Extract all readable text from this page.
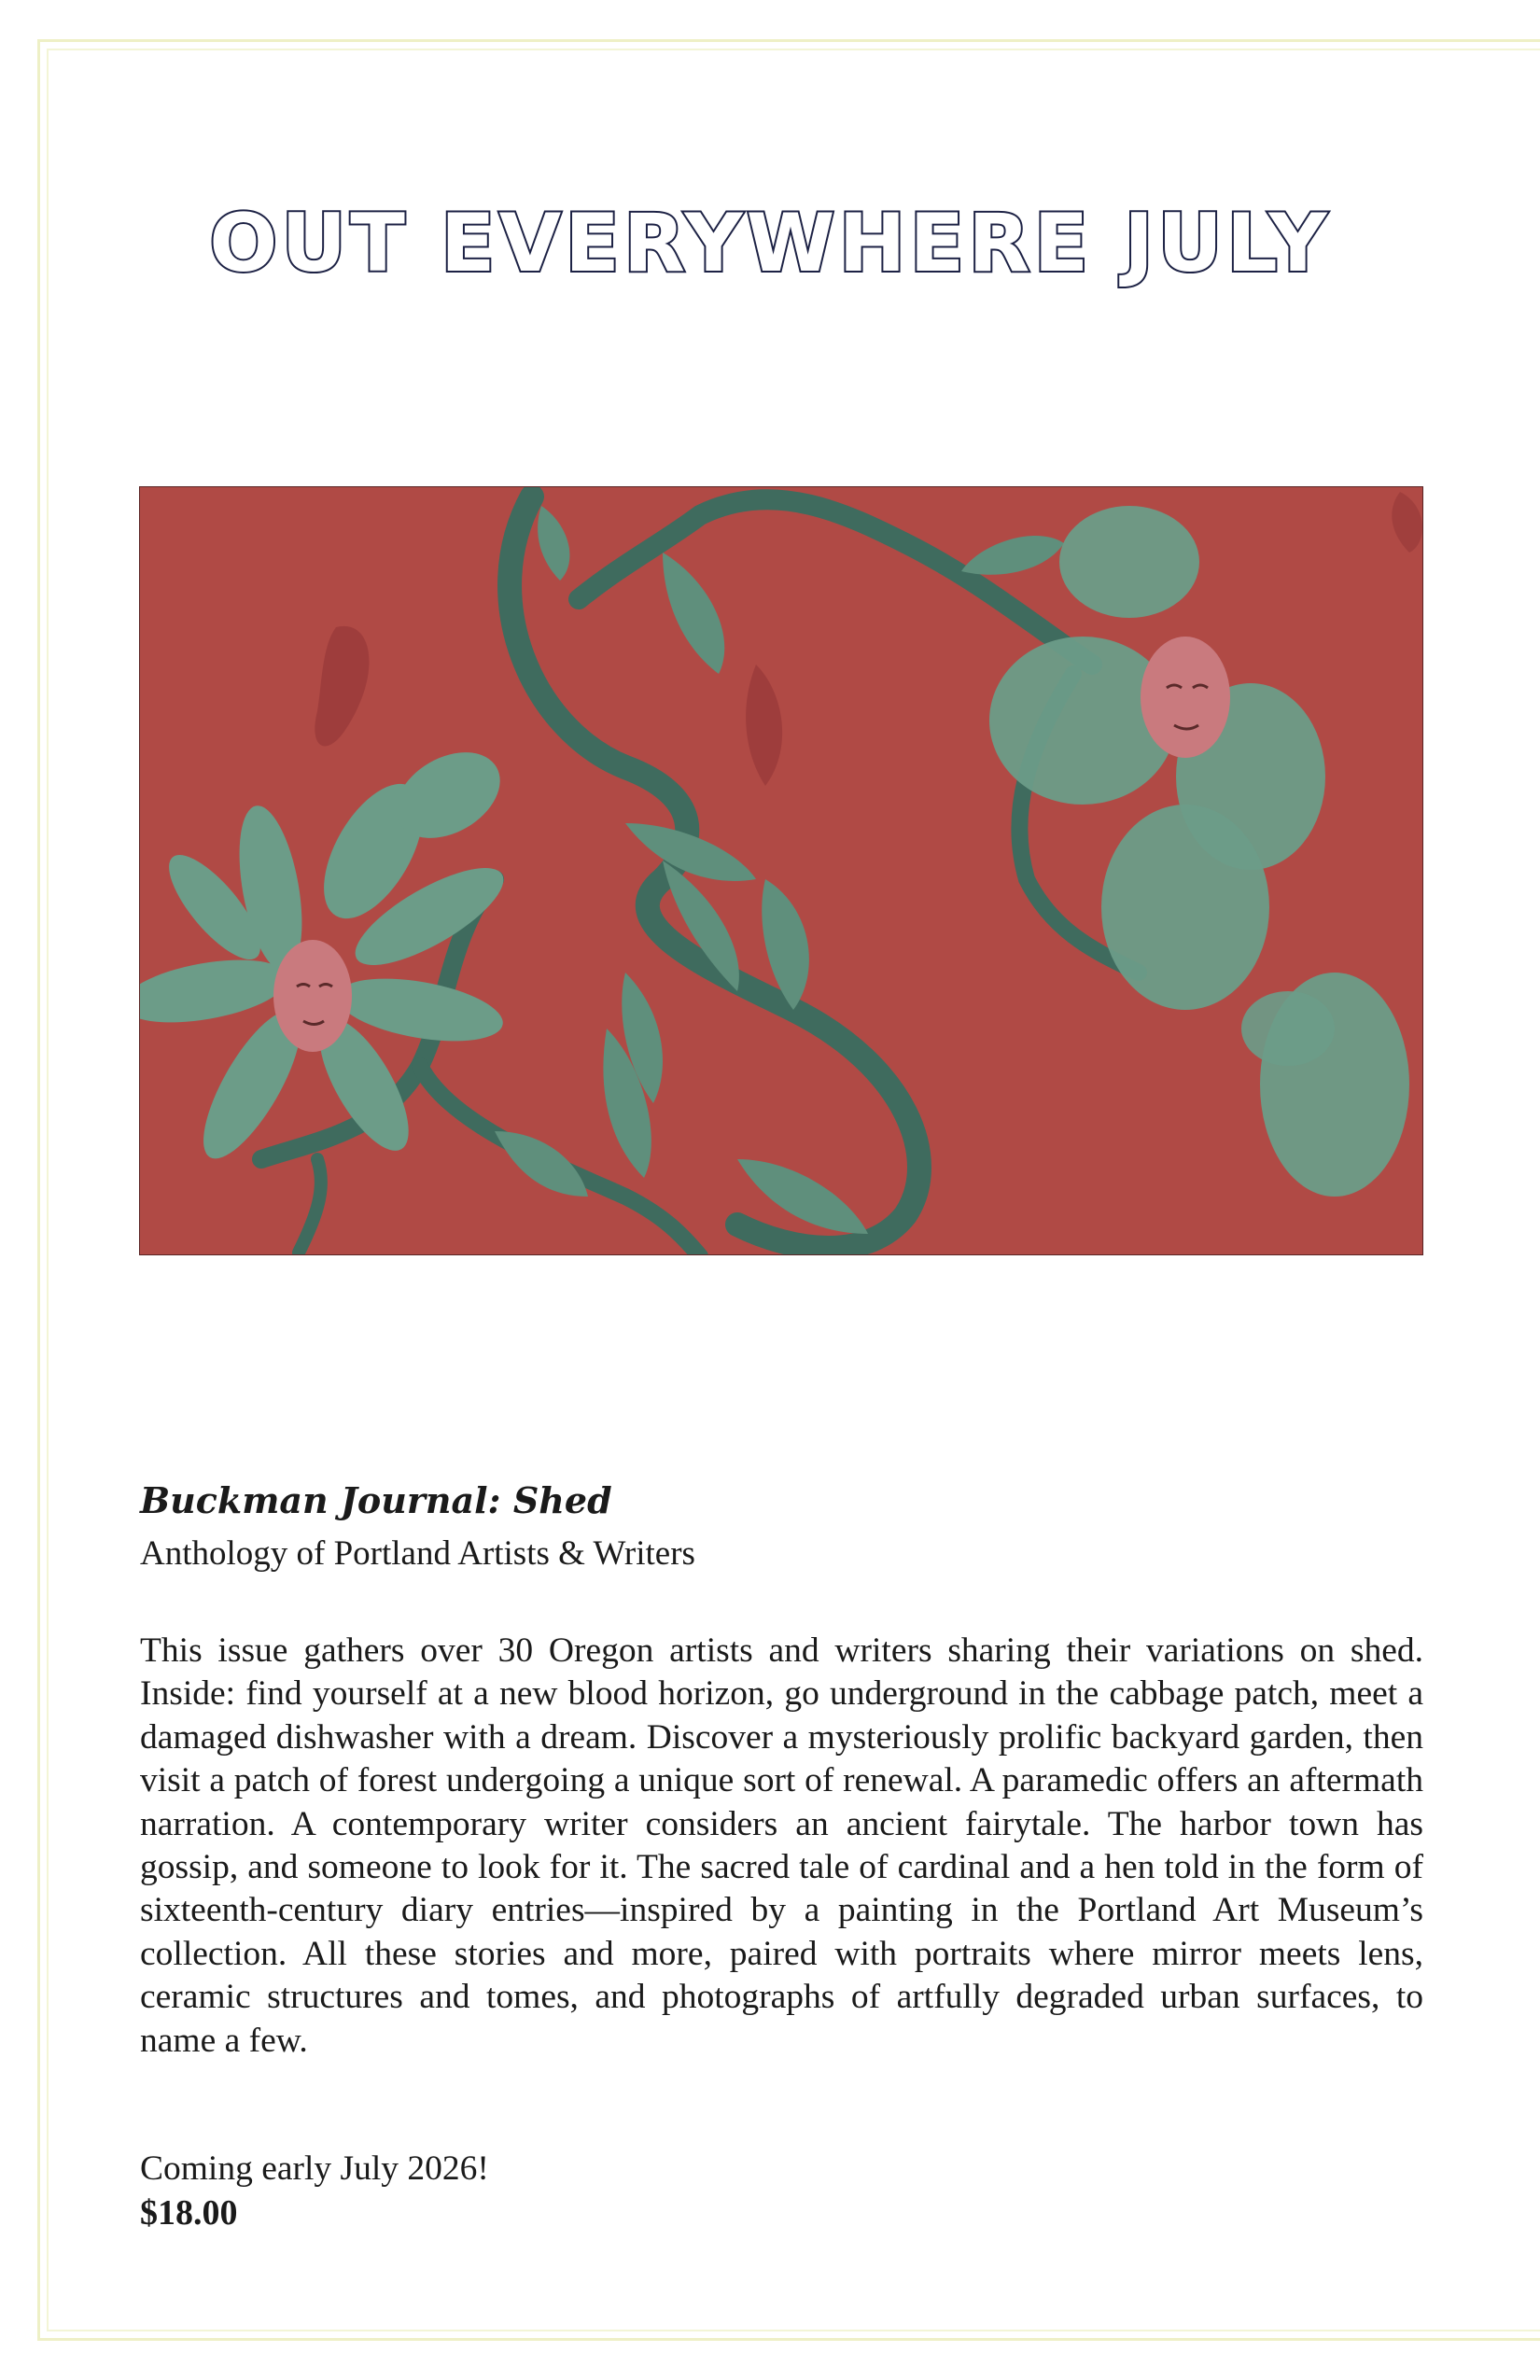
OUT EVERYWHERE JULY

Buckman Journal: Shed

Anthology of Portland Artists & Writers

This issue gathers over 30 Oregon artists and writers sharing their variations on shed. Inside: find yourself at a new blood horizon, go underground in the cabbage patch, meet a damaged dishwasher with a dream. Discover a mysteriously prolific backyard garden, then visit a patch of forest undergoing a unique sort of renewal. A paramedic offers an aftermath narration. A contemporary writer considers an ancient fairytale. The harbor town has gossip, and someone to look for it. The sacred tale of cardinal and a hen told in the form of sixteenth-century diary entries—inspired by a painting in the Portland Art Museum’s collection. All these stories and more, paired with portraits where mirror meets lens, ceramic structures and tomes, and photographs of artfully degraded urban surfaces, to name a few.

Coming early July 2026!

$18.00
